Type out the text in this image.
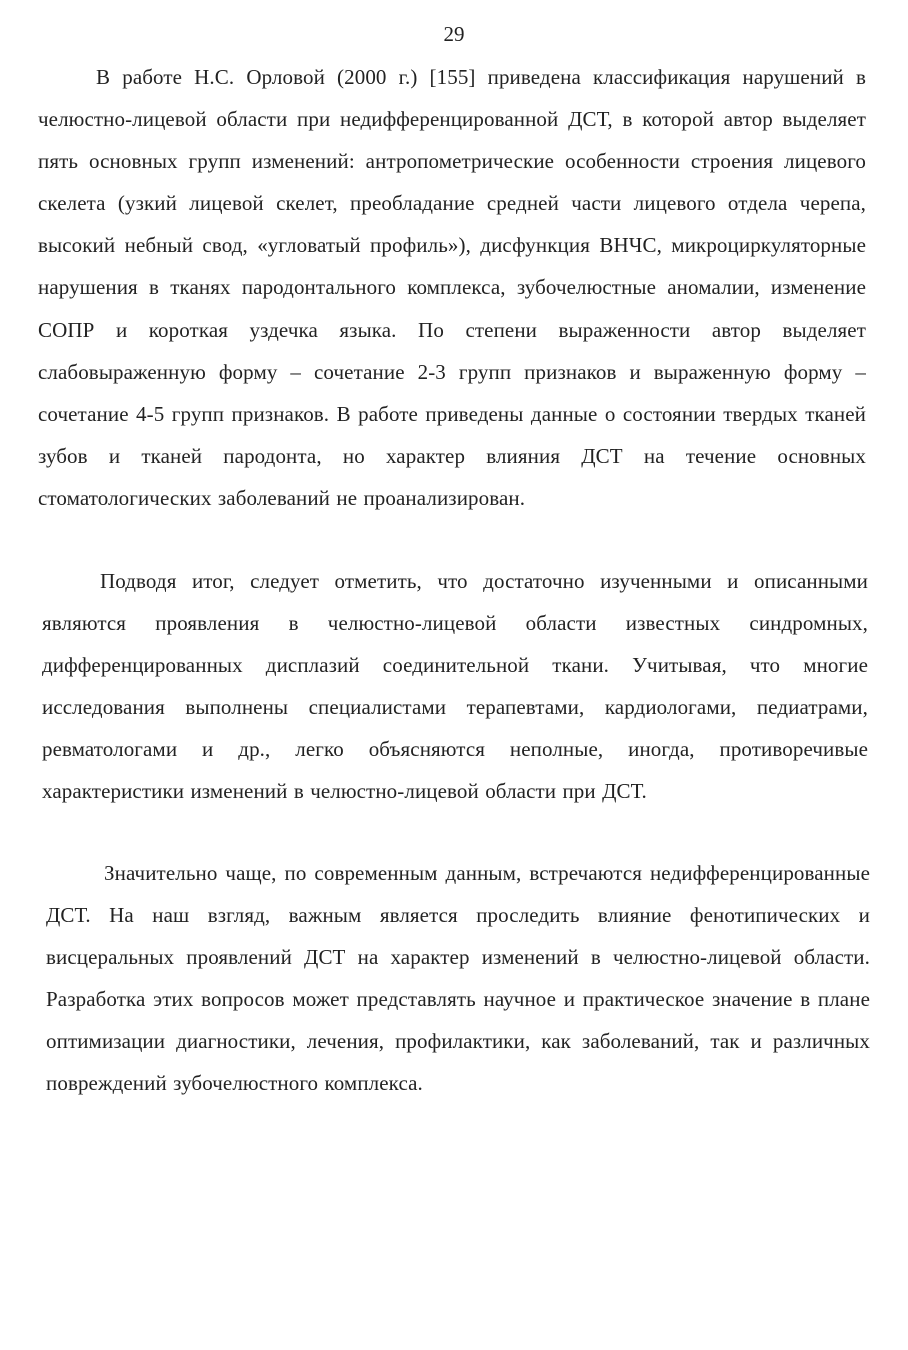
29

В работе Н.С. Орловой (2000 г.) [155] приведена классификация нарушений в челюстно-лицевой области при недифференцированной ДСТ, в которой автор выделяет пять основных групп изменений: антропометрические особенности строения лицевого скелета (узкий лицевой скелет, преобладание средней части лицевого отдела черепа, высокий небный свод, «угловатый профиль»), дисфункция ВНЧС, микроциркуляторные нарушения в тканях пародонтального комплекса, зубочелюстные аномалии, изменение СОПР и короткая уздечка языка. По степени выраженности автор выделяет слабовыраженную форму – сочетание 2-3 групп признаков и выраженную форму – сочетание 4-5 групп признаков. В работе приведены данные о состоянии твердых тканей зубов и тканей пародонта, но характер влияния ДСТ на течение основных стоматологических заболеваний не проанализирован.

Подводя итог, следует отметить, что достаточно изученными и описанными являются проявления в челюстно-лицевой области известных синдромных, дифференцированных дисплазий соединительной ткани. Учитывая, что многие исследования выполнены специалистами терапевтами, кардиологами, педиатрами, ревматологами и др., легко объясняются неполные, иногда, противоречивые характеристики изменений в челюстно-лицевой области при ДСТ.

Значительно чаще, по современным данным, встречаются недифференцированные ДСТ. На наш взгляд, важным является проследить влияние фенотипических и висцеральных проявлений ДСТ на характер изменений в челюстно-лицевой области. Разработка этих вопросов может представлять научное и практическое значение в плане оптимизации диагностики, лечения, профилактики, как заболеваний, так и различных повреждений зубочелюстного комплекса.
